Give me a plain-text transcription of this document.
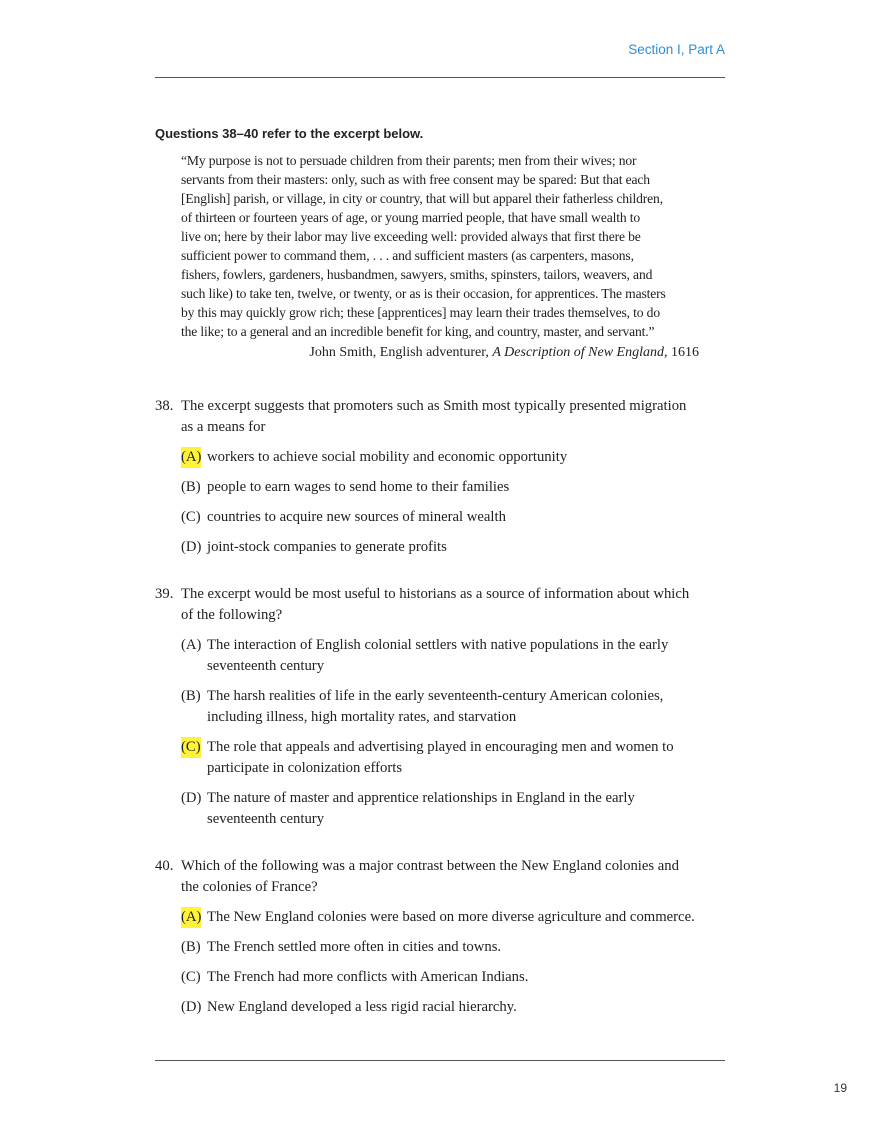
Section I, Part A
Questions 38–40 refer to the excerpt below.
“My purpose is not to persuade children from their parents; men from their wives; nor
servants from their masters: only, such as with free consent may be spared: But that each
[English] parish, or village, in city or country, that will but apparel their fatherless children,
of thirteen or fourteen years of age, or young married people, that have small wealth to
live on; here by their labor may live exceeding well: provided always that first there be
sufficient power to command them, . . . and sufficient masters (as carpenters, masons,
fishers, fowlers, gardeners, husbandmen, sawyers, smiths, spinsters, tailors, weavers, and
such like) to take ten, twelve, or twenty, or as is their occasion, for apprentices. The masters
by this may quickly grow rich; these [apprentices] may learn their trades themselves, to do
the like; to a general and an incredible benefit for king, and country, master, and servant.”
John Smith, English adventurer, A Description of New England, 1616
38. The excerpt suggests that promoters such as Smith most typically presented migration
as a means for
(A) workers to achieve social mobility and economic opportunity
(B) people to earn wages to send home to their families
(C) countries to acquire new sources of mineral wealth
(D) joint-stock companies to generate profits
39. The excerpt would be most useful to historians as a source of information about which
of the following?
(A) The interaction of English colonial settlers with native populations in the early
seventeenth century
(B) The harsh realities of life in the early seventeenth-century American colonies,
including illness, high mortality rates, and starvation
(C) The role that appeals and advertising played in encouraging men and women to
participate in colonization efforts
(D) The nature of master and apprentice relationships in England in the early
seventeenth century
40. Which of the following was a major contrast between the New England colonies and
the colonies of France?
(A) The New England colonies were based on more diverse agriculture and commerce.
(B) The French settled more often in cities and towns.
(C) The French had more conflicts with American Indians.
(D) New England developed a less rigid racial hierarchy.
19
